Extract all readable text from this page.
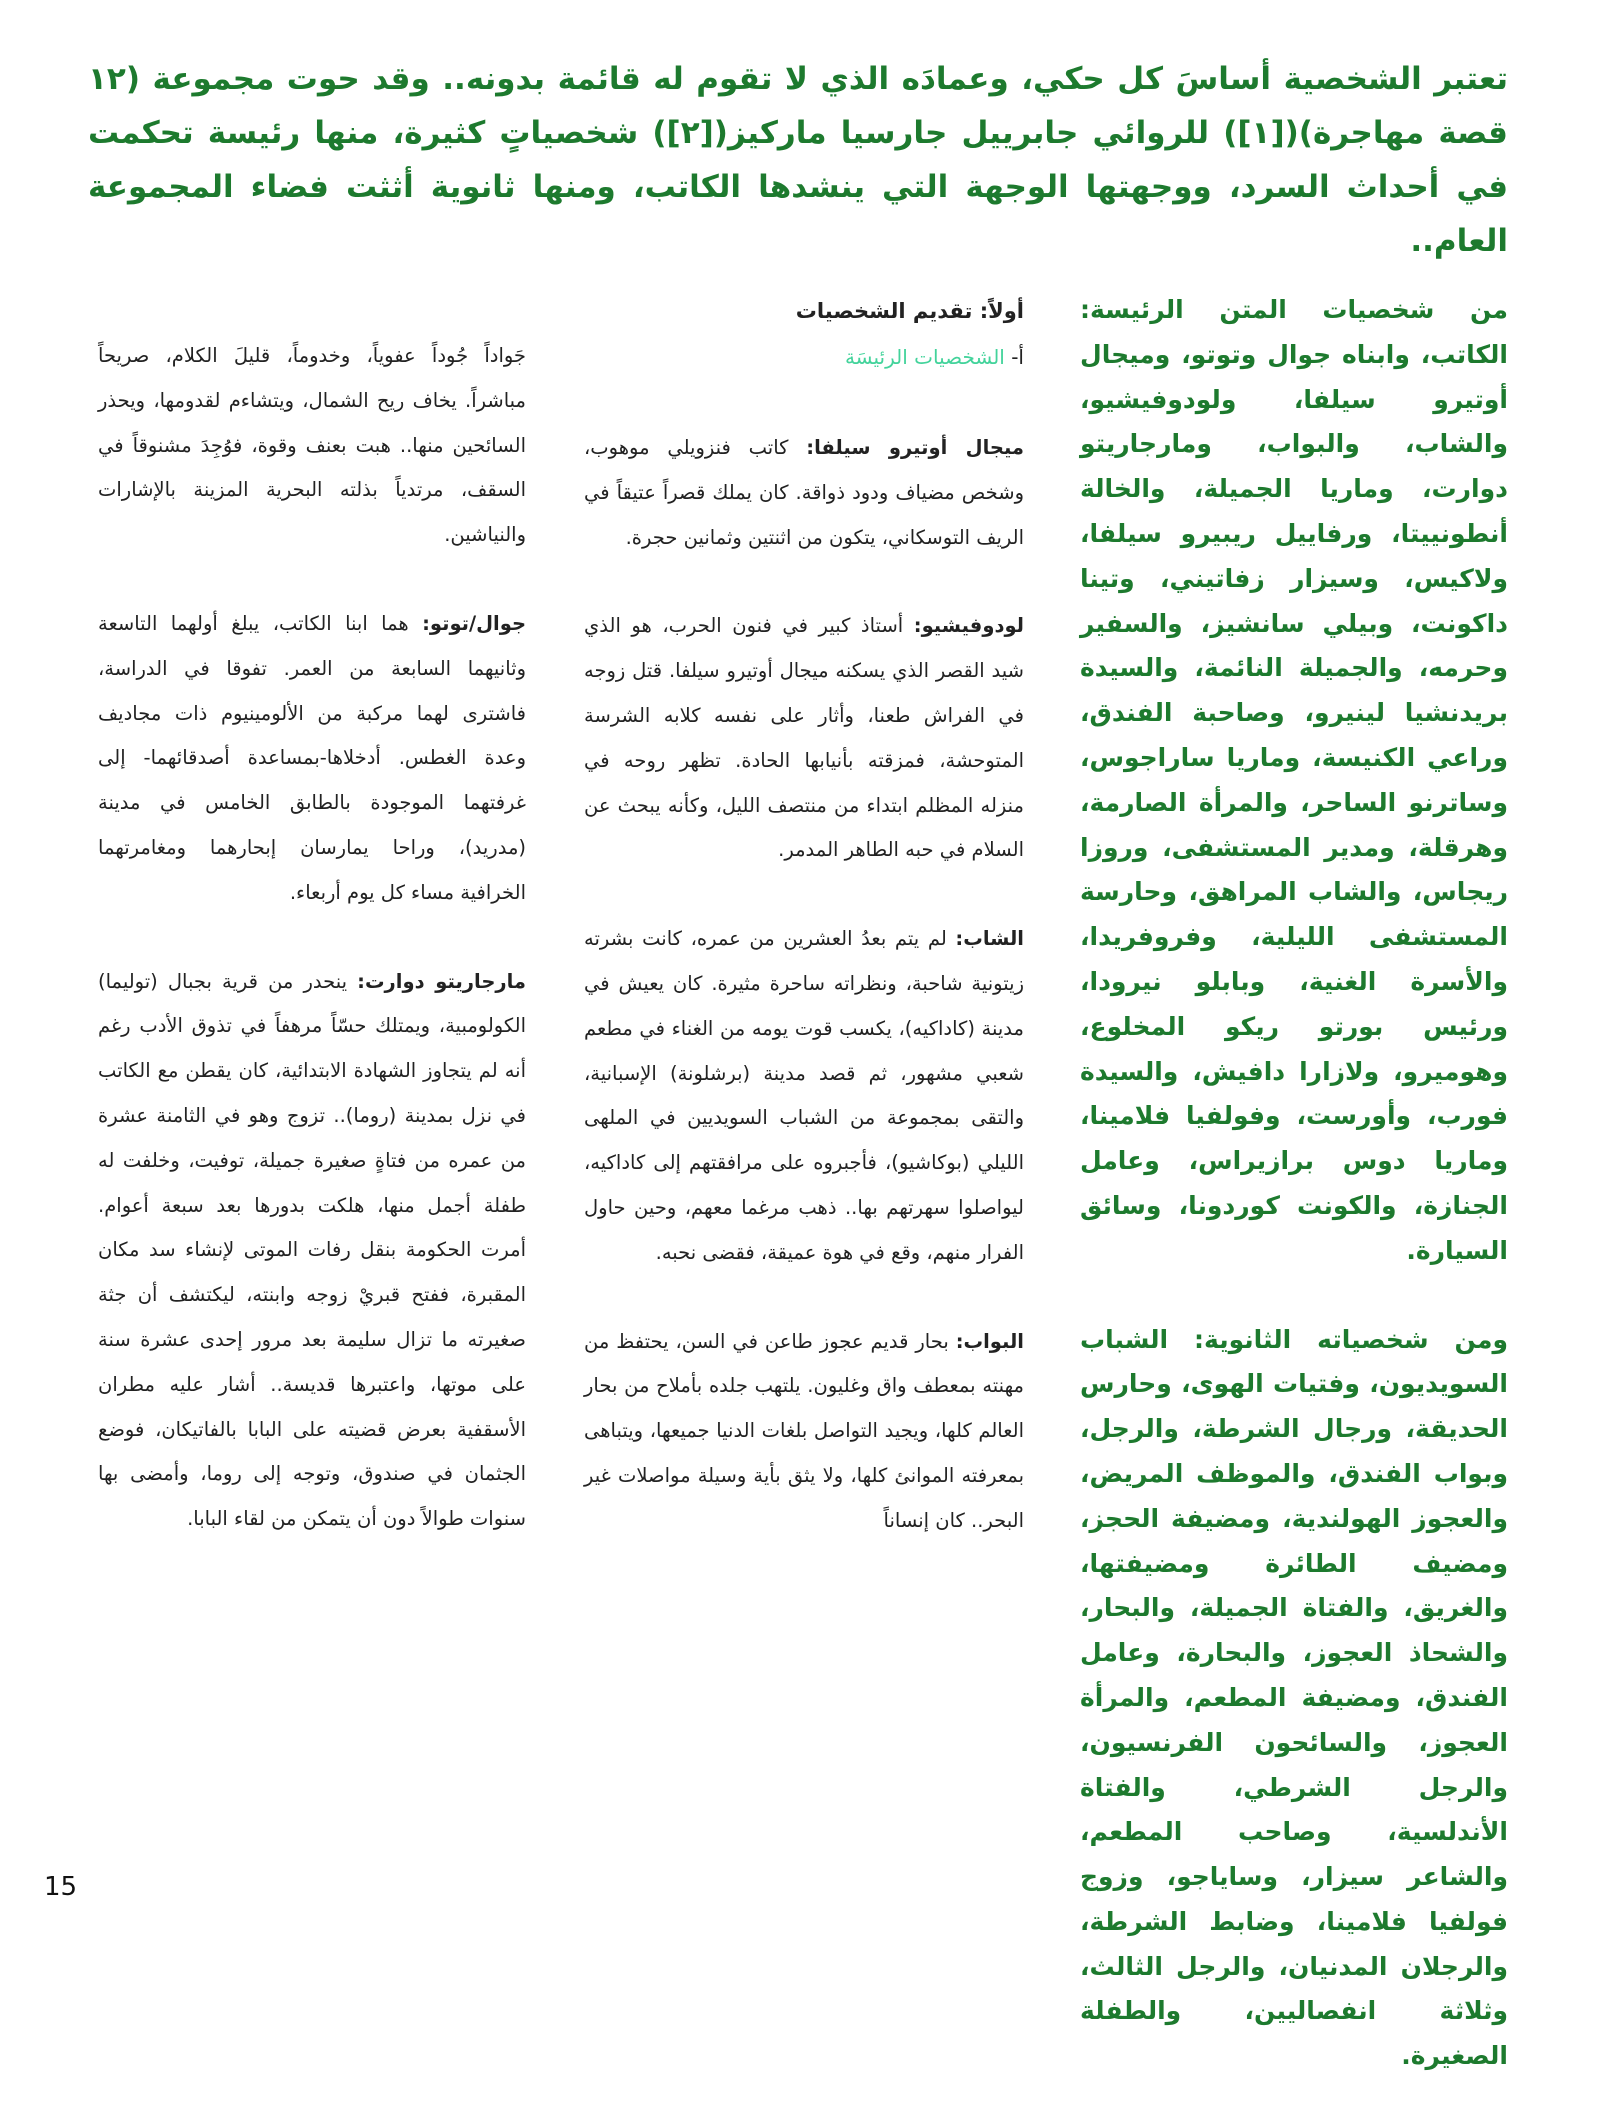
تعتبر الشخصية أساسَ كل حكي، وعمادَه الذي لا تقوم له قائمة بدونه.. وقد حوت مجموعة (١٢ قصة مهاجرة)([١]) للروائي جابرييل جارسيا ماركيز([٢]) شخصياتٍ كثيرة، منها رئيسة تحكمت في أحداث السرد، ووجهتها الوجهة التي ينشدها الكاتب، ومنها ثانوية أثثت فضاء المجموعة العام..

من شخصيات المتن الرئيسة: الكاتب، وابناه جوال وتوتو، وميجال أوتيرو سيلفا، ولودوفيشيو، والشاب، والبواب، ومارجاريتو دوارت، وماريا الجميلة، والخالة أنطونييتا، ورفاييل ريبيرو سيلفا، ولاكيس، وسيزار زفاتيني، وتينا داكونت، وبيلي سانشيز، والسفير وحرمه، والجميلة النائمة، والسيدة بريدنشيا لينيرو، وصاحبة الفندق، وراعي الكنيسة، وماريا ساراجوس، وساترنو الساحر، والمرأة الصارمة، وهرقلة، ومدير المستشفى، وروزا ريجاس، والشاب المراهق، وحارسة المستشفى الليلية، وفروفريدا، والأسرة الغنية، وبابلو نيرودا، ورئيس بورتو ريكو المخلوع، وهوميرو، ولازارا دافيش، والسيدة فورب، وأورست، وفولفيا فلامينا، وماريا دوس برازيراس، وعامل الجنازة، والكونت كوردونا، وسائق السيارة.

ومن شخصياته الثانوية: الشباب السويديون، وفتيات الهوى، وحارس الحديقة، ورجال الشرطة، والرجل، وبواب الفندق، والموظف المريض، والعجوز الهولندية، ومضيفة الحجز، ومضيف الطائرة ومضيفتها، والغريق، والفتاة الجميلة، والبحار، والشحاذ العجوز، والبحارة، وعامل الفندق، ومضيفة المطعم، والمرأة العجوز، والسائحون الفرنسيون، والرجل الشرطي، والفتاة الأندلسية، وصاحب المطعم، والشاعر سيزار، وساياجو، وزوج فولفيا فلامينا، وضابط الشرطة، والرجلان المدنيان، والرجل الثالث، وثلاثة انفصاليين، والطفلة الصغيرة.

أولاً: تقديم الشخصيات
أ- الشخصيات الرئيسَة

ميجال أوتيرو سيلفا: كاتب فنزويلي موهوب، وشخص مضياف ودود ذواقة. كان يملك قصراً عتيقاً في الريف التوسكاني، يتكون من اثنتين وثمانين حجرة.

لودوفيشيو: أستاذ كبير في فنون الحرب، هو الذي شيد القصر الذي يسكنه ميجال أوتيرو سيلفا. قتل زوجه في الفراش طعنا، وأثار على نفسه كلابه الشرسة المتوحشة، فمزقته بأنيابها الحادة. تظهر روحه في منزله المظلم ابتداء من منتصف الليل، وكأنه يبحث عن السلام في حبه الطاهر المدمر.

الشاب: لم يتم بعدُ العشرين من عمره، كانت بشرته زيتونية شاحبة، ونظراته ساحرة مثيرة. كان يعيش في مدينة (كاداكيه)، يكسب قوت يومه من الغناء في مطعم شعبي مشهور، ثم قصد مدينة (برشلونة) الإسبانية، والتقى بمجموعة من الشباب السويديين في الملهى الليلي (بوكاشيو)، فأجبروه على مرافقتهم إلى كاداكيه، ليواصلوا سهرتهم بها.. ذهب مرغما معهم، وحين حاول الفرار منهم، وقع في هوة عميقة، فقضى نحبه.

البواب: بحار قديم عجوز طاعن في السن، يحتفظ من مهنته بمعطف واق وغليون. يلتهب جلده بأملاح من بحار العالم كلها، ويجيد التواصل بلغات الدنيا جميعها، ويتباهى بمعرفته الموانئ كلها، ولا يثق بأية وسيلة مواصلات غير البحر.. كان إنساناً

جَواداً جُوداً عفوياً، وخدوماً، قليلَ الكلام، صريحاً مباشراً. يخاف ريح الشمال، ويتشاءم لقدومها، ويحذر السائحين منها.. هبت بعنف وقوة، فوُجِدَ مشنوقاً في السقف، مرتدياً بذلته البحرية المزينة بالإشارات والنياشين.

جوال/توتو: هما ابنا الكاتب، يبلغ أولهما التاسعة وثانيهما السابعة من العمر. تفوقا في الدراسة، فاشترى لهما مركبة من الألومينيوم ذات مجاديف وعدة الغطس. أدخلاها-بمساعدة أصدقائهما- إلى غرفتهما الموجودة بالطابق الخامس في مدينة (مدريد)، وراحا يمارسان إبحارهما ومغامرتهما الخرافية مساء كل يوم أربعاء.

مارجاريتو دوارت: ينحدر من قرية بجبال (توليما) الكولومبية، ويمتلك حسّاً مرهفاً في تذوق الأدب رغم أنه لم يتجاوز الشهادة الابتدائية، كان يقطن مع الكاتب في نزل بمدينة (روما).. تزوج وهو في الثامنة عشرة من عمره من فتاةٍ صغيرة جميلة، توفيت، وخلفت له طفلة أجمل منها، هلكت بدورها بعد سبعة أعوام. أمرت الحكومة بنقل رفات الموتى لإنشاء سد مكان المقبرة، ففتح قبريْ زوجه وابنته، ليكتشف أن جثة صغيرته ما تزال سليمة بعد مرور إحدى عشرة سنة على موتها، واعتبرها قديسة.. أشار عليه مطران الأسقفية بعرض قضيته على البابا بالفاتيكان، فوضع الجثمان في صندوق، وتوجه إلى روما، وأمضى بها سنوات طوالاً دون أن يتمكن من لقاء البابا.

15
